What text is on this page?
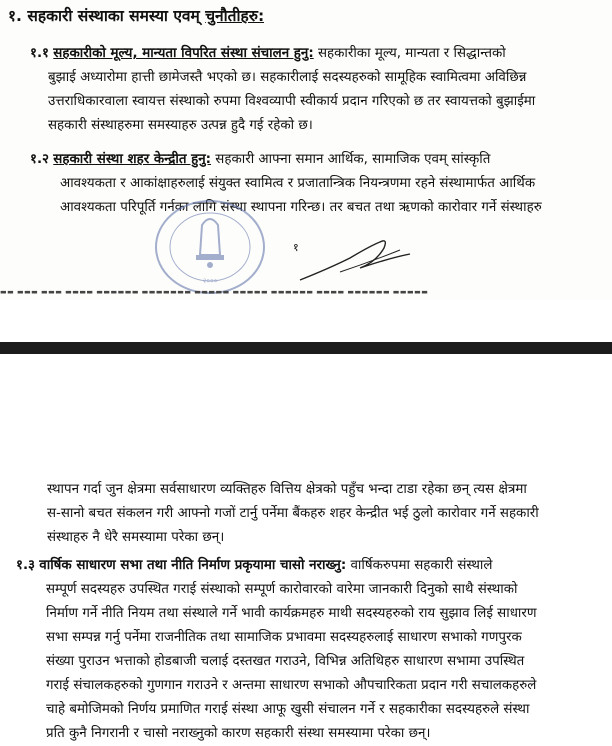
१. सहकारी संस्थाका समस्या एवम् चुनौतीहरु:
१.१ सहकारीको मूल्य, मान्यता विपरित संस्था संचालन हुनु: सहकारीका मूल्य, मान्यता र सिद्धान्तको
बुझाई अध्यारोमा हात्ती छामेजस्तै भएको छ। सहकारीलाई सदस्यहरुको सामूहिक स्वामित्वमा अविछिन्न
उत्तराधिकारवाला स्वायत्त संस्थाको रुपमा विश्वव्यापी स्वीकार्य प्रदान गरिएको छ तर स्वायत्तको बुझाईमा
सहकारी संस्थाहरुमा समस्याहरु उत्पन्न हुदै गई रहेको छ।
१.२ सहकारी संस्था शहर केन्द्रीत हुनु: सहकारी आफ्ना समान आर्थिक, सामाजिक एवम् सांस्कृति
आवश्यकता र आकांक्षाहरुलाई संयुक्त स्वामित्व र प्रजातान्त्रिक नियन्त्रणमा रहने संस्थामार्फत आर्थिक
आवश्यकता परिपूर्ति गर्नका लागि संस्था स्थापना गरिन्छ। तर बचत तथा ऋणको कारोवार गर्ने संस्थाहरु
२०००
१
▬▬ ▬▬▬ ▬▬▬ ▬▬▬▬ ▬▬▬▬▬▬ ▬▬▬▬▬▬▬ ▬▬▬▬▬ ▬▬▬▬▬ ▬▬▬▬▬▬ ▬▬▬▬ ▬▬▬▬▬▬ ▬▬▬▬▬
स्थापन गर्दा जुन क्षेत्रमा सर्वसाधारण व्यक्तिहरु वित्तिय क्षेत्रको पहुँच भन्दा टाडा रहेका छन् त्यस क्षेत्रमा
स-सानो बचत संकलन गरी आफ्नो गजों टार्नु पर्नेमा बैंकहरु शहर केन्द्रीत भई ठुलो कारोवार गर्ने सहकारी
संस्थाहरु नै धेरै समस्यामा परेका छन्।
१.३ वार्षिक साधारण सभा तथा नीति निर्माण प्रकृयामा चासो नराख्नु: वार्षिकरुपमा सहकारी संस्थाले
सम्पूर्ण सदस्यहरु उपस्थित गराई संस्थाको सम्पूर्ण कारोवारको वारेमा जानकारी दिनुको साथै संस्थाको
निर्माण गर्ने नीति नियम तथा संस्थाले गर्ने भावी कार्यक्रमहरु माथी सदस्यहरुको राय सुझाव लिई साधारण
सभा सम्पन्न गर्नु पर्नेमा राजनीतिक तथा सामाजिक प्रभावमा सदस्यहरुलाई साधारण सभाको गणपुरक
संख्या पुराउन भत्ताको होडबाजी चलाई दस्तखत गराउने, विभिन्न अतिथिहरु साधारण सभामा उपस्थित
गराई संचालकहरुको गुणगान गराउने र अन्तमा साधारण सभाको औपचारिकता प्रदान गरी सचालकहरुले
चाहे बमोजिमको निर्णय प्रमाणित गराई संस्था आफू खुसी संचालन गर्ने र सहकारीका सदस्यहरुले संस्था
प्रति कुनै निगरानी र चासो नराख्नुको कारण सहकारी संस्था समस्यामा परेका छन्।
